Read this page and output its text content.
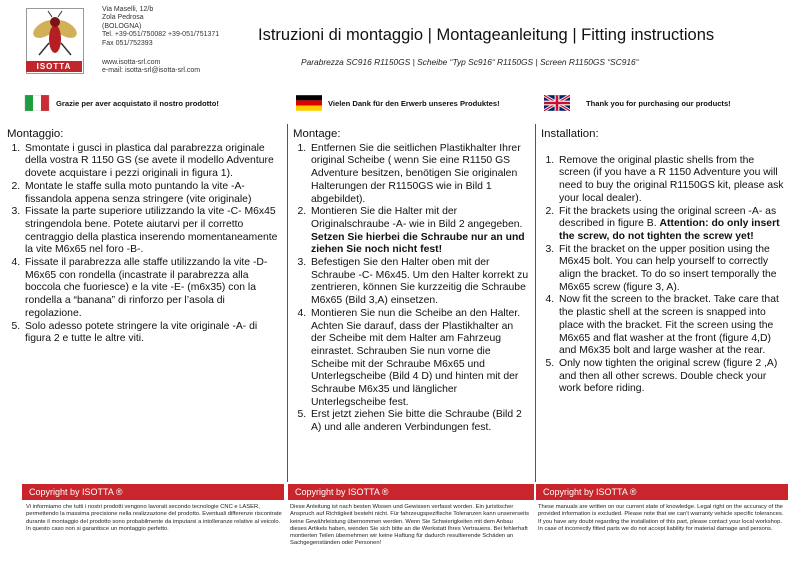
ISOTTA
Via Maselli, 12/b
Zola Pedrosa
(BOLOGNA)
Tel. +39-051/750082 +39-051/751371
Fax 051/752393
www.isotta-srl.com
e-mail: isotta-srl@isotta-srl.com
Istruzioni di montaggio | Montageanleitung | Fitting instructions
Parabrezza SC916 R1150GS | Scheibe “Typ Sc916“ R1150GS | Screen R1150GS “SC916“
Grazie per aver acquistato il nostro prodotto!	Vielen Dank für den Erwerb unseres Produktes!	Thank you for purchasing our products!
Montaggio:
1. Smontate i gusci in plastica dal parabrezza originale della vostra R 1150 GS (se avete il modello Adventure dovete acquistare i pezzi originali in figura 1).
2. Montate le staffe sulla moto puntando la vite -A- fissandola appena senza stringere (vite originale)
3. Fissate la parte superiore utilizzando la vite -C- M6x45 stringendola bene. Potete aiutarvi per il corretto centraggio della plastica inserendo momentaneamente la vite M6x65 nel foro -B-.
4. Fissate il parabrezza alle staffe utilizzando la vite -D- M6x65 con rondella (incastrate il parabrezza alla boccola che fuoriesce) e la vite -E- (m6x35) con la rondella a “banana” di rinforzo per l’asola di regolazione.
5. Solo adesso potete stringere la vite originale -A- di figura 2 e tutte le altre viti.
Montage:
1. Entfernen Sie die seitlichen Plastikhalter Ihrer original Scheibe ( wenn Sie eine R1150 GS Adventure besitzen, benötigen Sie originalen Halterungen der R1150GS wie in Bild 1 abgebildet).
2. Montieren Sie die Halter mit der Originalschraube -A- wie in Bild 2 angegeben. Setzen Sie hierbei die Schraube nur an und ziehen Sie noch nicht fest!
3. Befestigen Sie den Halter oben mit der Schraube -C- M6x45. Um den Halter korrekt zu zentrieren, können Sie kurzzeitig die Schraube M6x65 (Bild 3,A) einsetzen.
4. Montieren Sie nun die Scheibe an den Halter. Achten Sie darauf, dass der Plastikhalter an der Scheibe mit dem Halter am Fahrzeug einrastet. Schrauben Sie nun vorne die Scheibe mit der Schraube M6x65 und Unterlegscheibe (Bild 4 D) und hinten mit der Schraube M6x35 und länglicher Unterlegscheibe fest.
5. Erst jetzt ziehen Sie bitte die Schraube (Bild 2 A) und alle anderen Verbindungen fest.
Installation:
1. Remove the original plastic shells from the screen (if you have a R 1150 Adventure you will need to buy the original R1150GS kit, please ask your local dealer).
2. Fit the brackets using the original screen -A- as described in figure B. Attention: do only insert the screw, do not tighten the screw yet!
3. Fit the bracket on the upper position using the M6x45 bolt. You can help yourself to correctly align the bracket. To do so insert temporally the M6x65 screw (figure 3, A).
4. Now fit the screen to the bracket. Take care that the plastic shell at the screen is snapped into place with the bracket. Fit the screen using the M6x65 and flat washer at the front (figure 4,D) and M6x35 bolt and large washer at the rear.
5. Only now tighten the original screw (figure 2 ,A) and then all other screws. Double check your work before riding.
Copyright by ISOTTA ®	Copyright by ISOTTA ®	Copyright by ISOTTA ®
Vi informiamo che tutti i nostri prodotti vengono lavorati secondo tecnologie CNC e LASER, permettendo la massima precisione nella realizzazione del prodotto. Eventuali differenze riscontrate durante il montaggio del prodotto sono probabilmente da imputarsi a intolleranze relative al veicolo. In questo caso non si garantisce un montaggio perfetto.
Diese Anleitung ist nach besten Wissen und Gewissen verfasst worden. Ein juristischer Anspruch auf Richtigkeit besteht nicht. Für fahrzeugspezifische Toleranzen kann unsererseits keine Gewährleistung übernommen werden. Wenn Sie Schwierigkeiten mit dem Anbau dieses Artikels haben, wenden Sie sich bitte an die Werkstatt Ihres Vertrauens. Bei fehlerhaft montierten Teilen übernehmen wir keine Haftung für dadurch resultierende Schäden an Sachgegenständen oder Personen!
These manuals are written on our current state of knowledge. Legal right on the accuracy of the provided information is excluded. Please note that we can't warranty vehicle specific tolerances. If you have any doubt regarding the installation of this part, please contact your local workshop. In case of incorrectly fitted parts we do not accept liability for material damage and persons.
